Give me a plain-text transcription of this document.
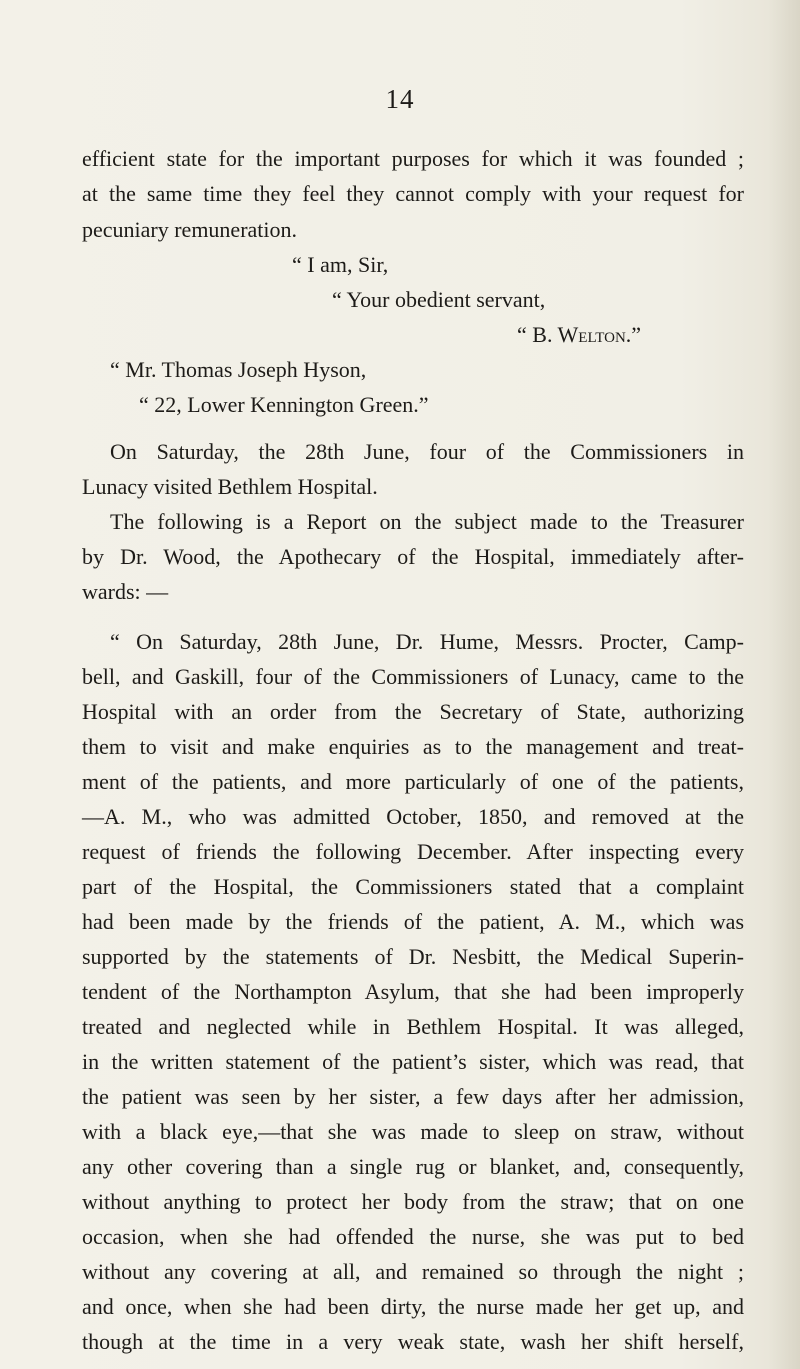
14
efficient state for the important purposes for which it was founded ;
at the same time they feel they cannot comply with your request for
pecuniary remuneration.
“ I am, Sir,
“ Your obedient servant,
“ B. Welton.”
“ Mr. Thomas Joseph Hyson,
“ 22, Lower Kennington Green.”
On Saturday, the 28th June, four of the Commissioners in
Lunacy visited Bethlem Hospital.
The following is a Report on the subject made to the Treasurer
by Dr. Wood, the Apothecary of the Hospital, immediately after-
wards: —
“ On Saturday, 28th June, Dr. Hume, Messrs. Procter, Camp-
bell, and Gaskill, four of the Commissioners of Lunacy, came to the
Hospital with an order from the Secretary of State, authorizing
them to visit and make enquiries as to the management and treat-
ment of the patients, and more particularly of one of the patients,
—A. M., who was admitted October, 1850, and removed at the
request of friends the following December. After inspecting every
part of the Hospital, the Commissioners stated that a complaint
had been made by the friends of the patient, A. M., which was
supported by the statements of Dr. Nesbitt, the Medical Superin-
tendent of the Northampton Asylum, that she had been improperly
treated and neglected while in Bethlem Hospital. It was alleged,
in the written statement of the patient’s sister, which was read, that
the patient was seen by her sister, a few days after her admission,
with a black eye,—that she was made to sleep on straw, without
any other covering than a single rug or blanket, and, consequently,
without anything to protect her body from the straw; that on one
occasion, when she had offended the nurse, she was put to bed
without any covering at all, and remained so through the night ;
and once, when she had been dirty, the nurse made her get up, and
though at the time in a very weak state, wash her shift herself,
